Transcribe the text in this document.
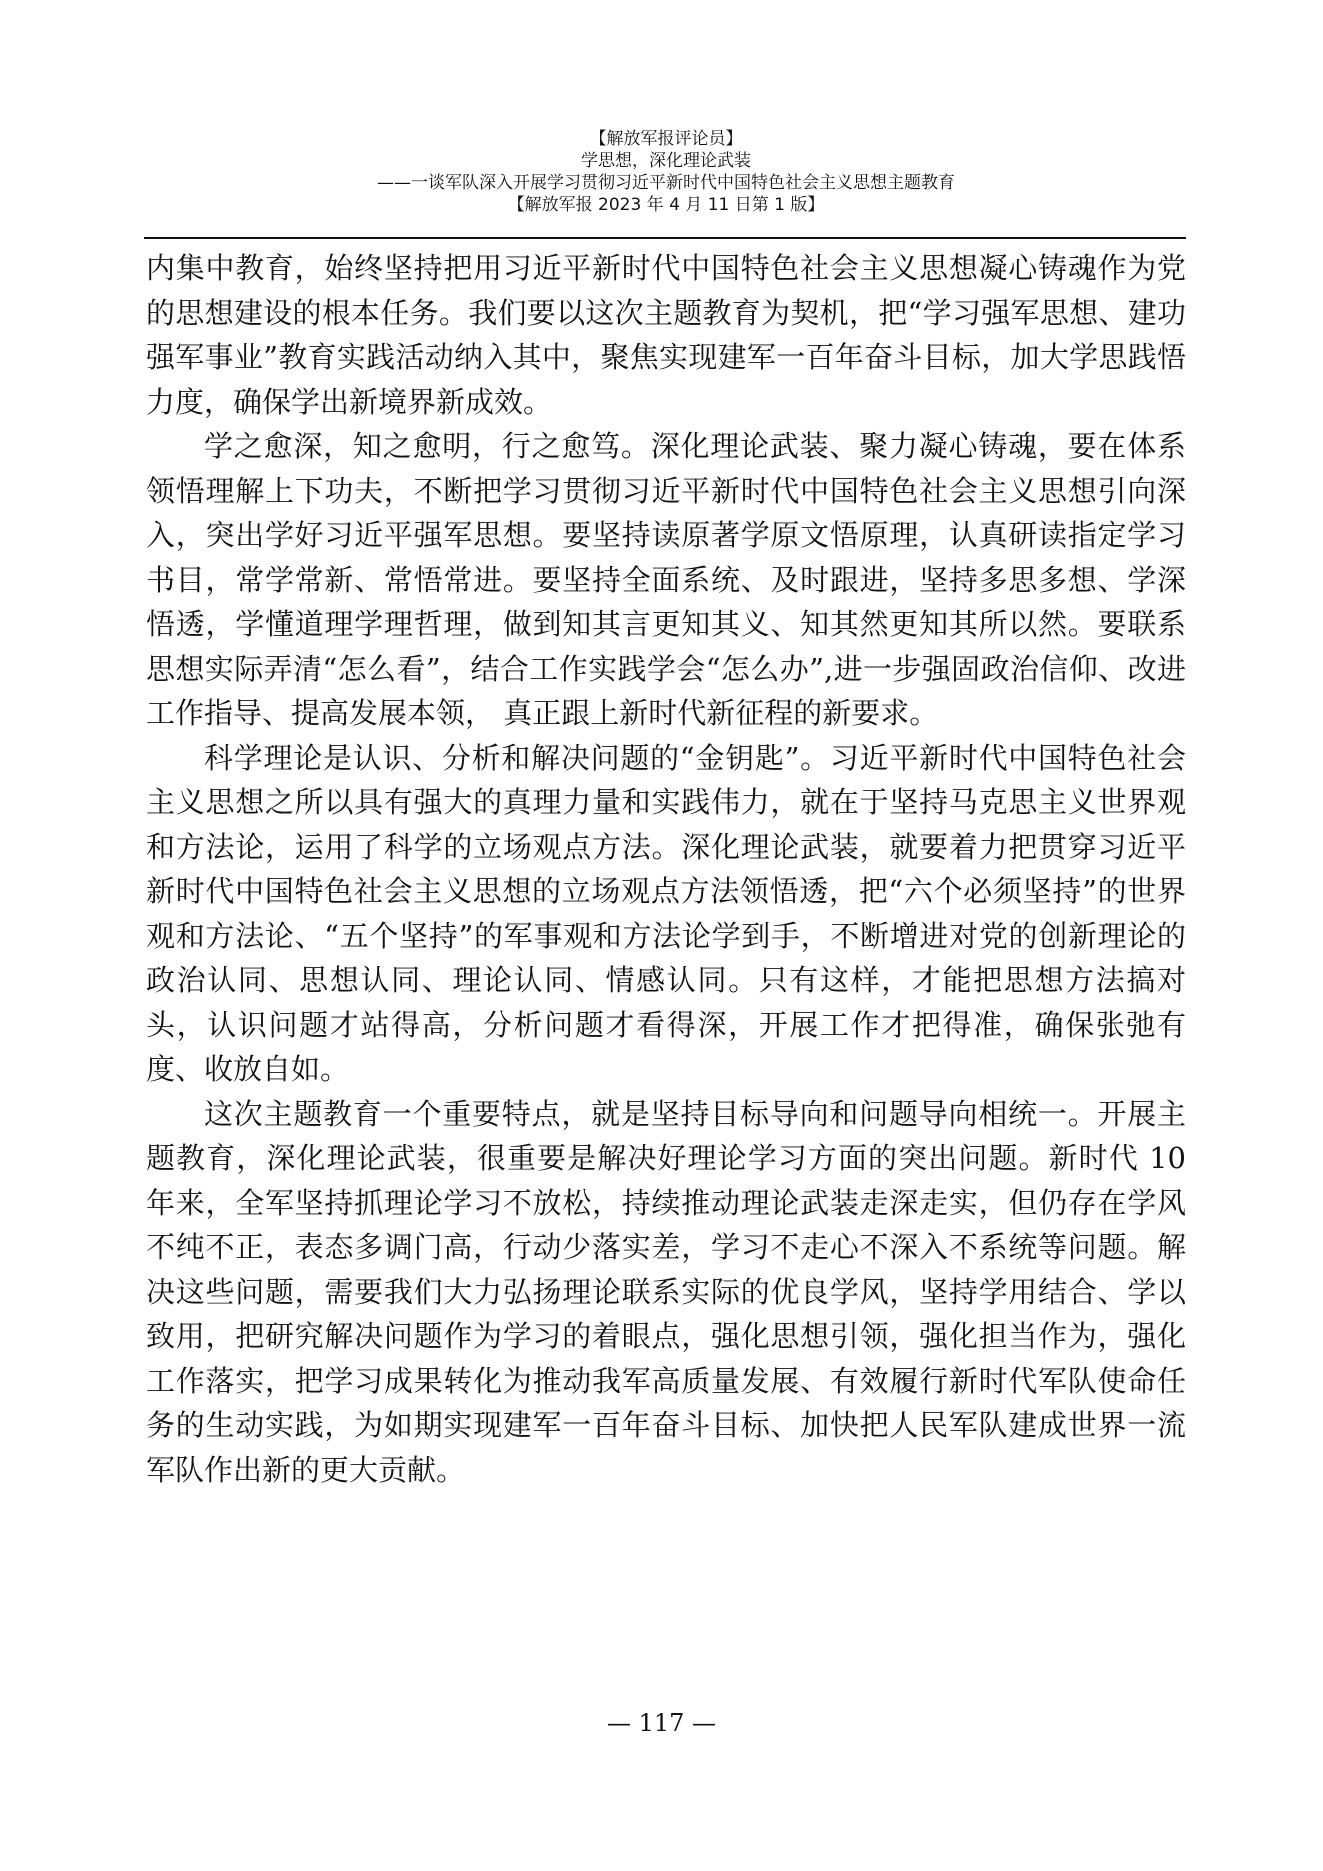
【解放军报评论员】
学思想，深化理论武装
——一谈军队深入开展学习贯彻习近平新时代中国特色社会主义思想主题教育
【解放军报 2023 年 4 月 11 日第 1 版】

内集中教育，始终坚持把用习近平新时代中国特色社会主义思想凝心铸魂作为党的思想建设的根本任务。我们要以这次主题教育为契机，把“学习强军思想、建功强军事业”教育实践活动纳入其中，聚焦实现建军一百年奋斗目标，加大学思践悟力度，确保学出新境界新成效。

学之愈深，知之愈明，行之愈笃。深化理论武装、聚力凝心铸魂，要在体系领悟理解上下功夫，不断把学习贯彻习近平新时代中国特色社会主义思想引向深入，突出学好习近平强军思想。要坚持读原著学原文悟原理，认真研读指定学习书目，常学常新、常悟常进。要坚持全面系统、及时跟进，坚持多思多想、学深悟透，学懂道理学理哲理，做到知其言更知其义、知其然更知其所以然。要联系思想实际弄清“怎么看”，结合工作实践学会“怎么办”,进一步强固政治信仰、改进工作指导、提高发展本领， 真正跟上新时代新征程的新要求。

科学理论是认识、分析和解决问题的“金钥匙”。习近平新时代中国特色社会主义思想之所以具有强大的真理力量和实践伟力，就在于坚持马克思主义世界观和方法论，运用了科学的立场观点方法。深化理论武装，就要着力把贯穿习近平新时代中国特色社会主义思想的立场观点方法领悟透，把“六个必须坚持”的世界观和方法论、“五个坚持”的军事观和方法论学到手，不断增进对党的创新理论的政治认同、思想认同、理论认同、情感认同。只有这样，才能把思想方法搞对头，认识问题才站得高，分析问题才看得深，开展工作才把得准，确保张弛有度、收放自如。

这次主题教育一个重要特点，就是坚持目标导向和问题导向相统一。开展主题教育，深化理论武装，很重要是解决好理论学习方面的突出问题。新时代 10 年来，全军坚持抓理论学习不放松，持续推动理论武装走深走实，但仍存在学风不纯不正，表态多调门高，行动少落实差，学习不走心不深入不系统等问题。解决这些问题，需要我们大力弘扬理论联系实际的优良学风，坚持学用结合、学以致用，把研究解决问题作为学习的着眼点，强化思想引领，强化担当作为，强化工作落实，把学习成果转化为推动我军高质量发展、有效履行新时代军队使命任务的生动实践，为如期实现建军一百年奋斗目标、加快把人民军队建成世界一流军队作出新的更大贡献。

— 117 —
